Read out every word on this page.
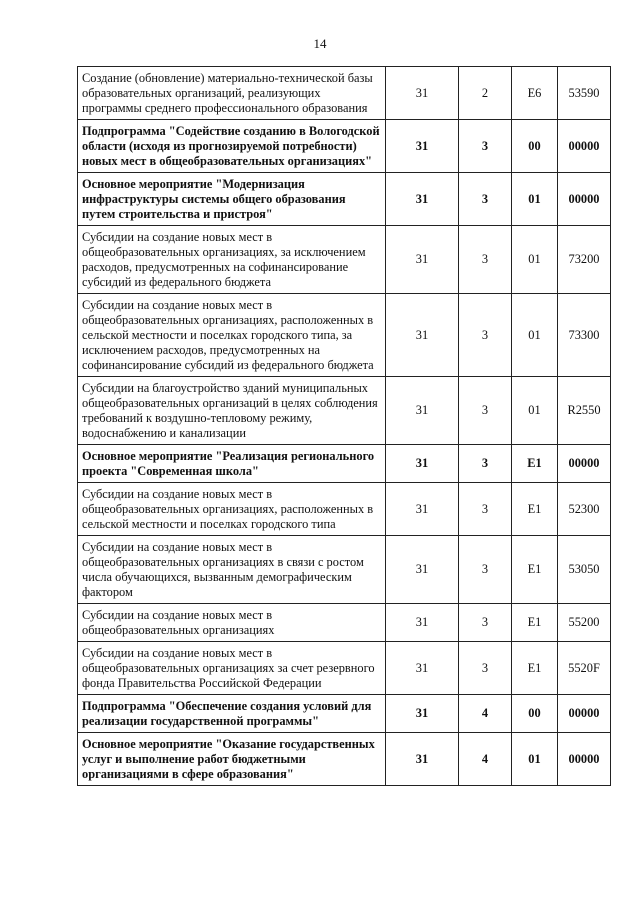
14
Создание (обновление) материально-технической базы образовательных организаций, реализующих программы среднего профессионального образования	31	2	Е6	53590
Подпрограмма "Содействие созданию в Вологодской области (исходя из прогнозируемой потребности) новых мест в общеобразовательных организациях"	31	3	00	00000
Основное мероприятие "Модернизация инфраструктуры системы общего образования путем строительства и пристроя"	31	3	01	00000
Субсидии на создание новых мест в общеобразовательных организациях, за исключением расходов, предусмотренных на софинансирование субсидий из федерального бюджета	31	3	01	73200
Субсидии на создание новых мест в общеобразовательных организациях, расположенных в сельской местности и поселках городского типа, за исключением расходов, предусмотренных на софинансирование субсидий из федерального бюджета	31	3	01	73300
Субсидии на благоустройство зданий муниципальных общеобразовательных организаций в целях соблюдения требований к воздушно-тепловому режиму, водоснабжению и канализации	31	3	01	R2550
Основное мероприятие "Реализация регионального проекта "Современная школа"	31	3	Е1	00000
Субсидии на создание новых мест в общеобразовательных организациях, расположенных в сельской местности и поселках городского типа	31	3	Е1	52300
Субсидии на создание новых мест в общеобразовательных организациях в связи с ростом числа обучающихся, вызванным демографическим фактором	31	3	Е1	53050
Субсидии на создание новых мест в общеобразовательных организациях	31	3	Е1	55200
Субсидии на создание новых мест в общеобразовательных организациях за счет резервного фонда Правительства Российской Федерации	31	3	Е1	5520F
Подпрограмма "Обеспечение создания условий для реализации государственной программы"	31	4	00	00000
Основное мероприятие "Оказание государственных услуг и выполнение работ бюджетными организациями в сфере образования"	31	4	01	00000
